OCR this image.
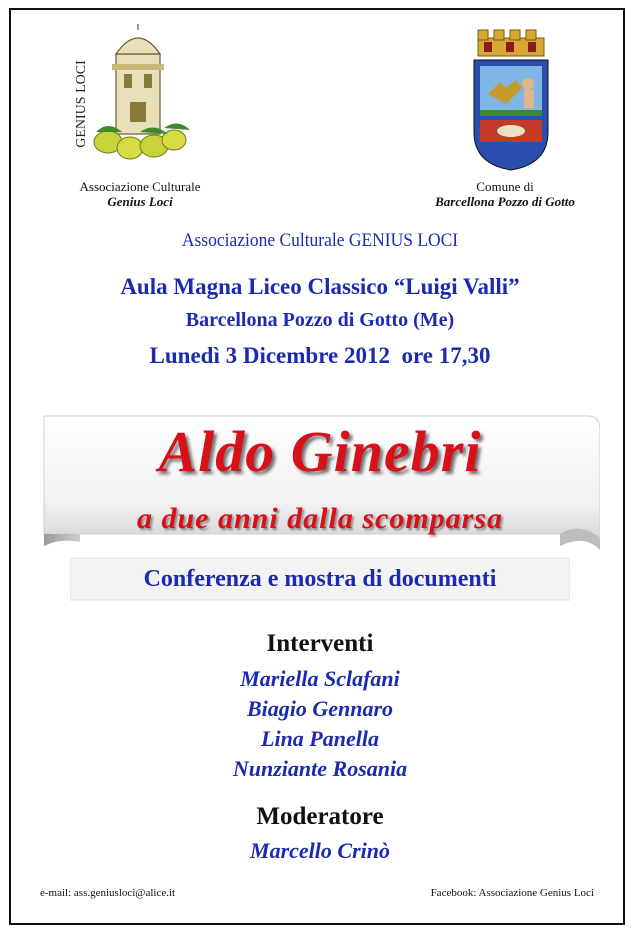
GENIUS LOCI
Associazione Culturale
Genius Loci
Comune di
Barcellona Pozzo di Gotto
Associazione Culturale GENIUS LOCI
Aula Magna Liceo Classico “Luigi Valli”
Barcellona Pozzo di Gotto (Me)
Lunedì 3 Dicembre 2012  ore 17,30
Aldo Ginebri
a due anni dalla scomparsa
Conferenza e mostra di documenti
Interventi
Mariella Sclafani
Biagio Gennaro
Lina Panella
Nunziante Rosania
Moderatore
Marcello Crinò
e-mail: ass.geniusloci@alice.it	Facebook: Associazione Genius Loci
